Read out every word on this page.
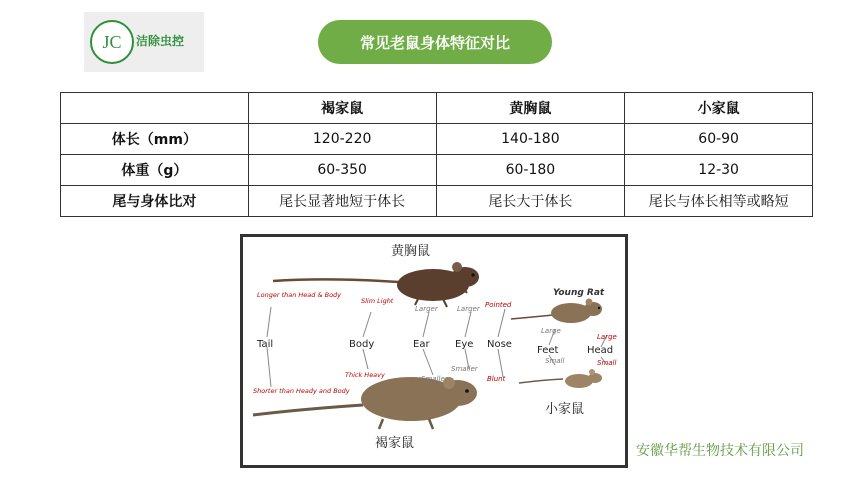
JC	洁除虫控	常见老鼠身体特征对比
	褐家鼠	黄胸鼠	小家鼠
体长（mm）	120-220	140-180	60-90
体重（g）	60-350	60-180	12-30
尾与身体比对	尾长显著地短于体长	尾长大于体长	尾长与体长相等或略短
黄胸鼠
褐家鼠
Young Rat
小家鼠
Tail	Body	Ear	Eye Nose
Feet	Head
Longer than Head & Body
Shorter than Heady and Body
Slim Light
Thick Heavy
Larger
Smaller
Larger
Smaller
Pointed
Blunt
Large
Small
Large
Small
安徽华帮生物技术有限公司
